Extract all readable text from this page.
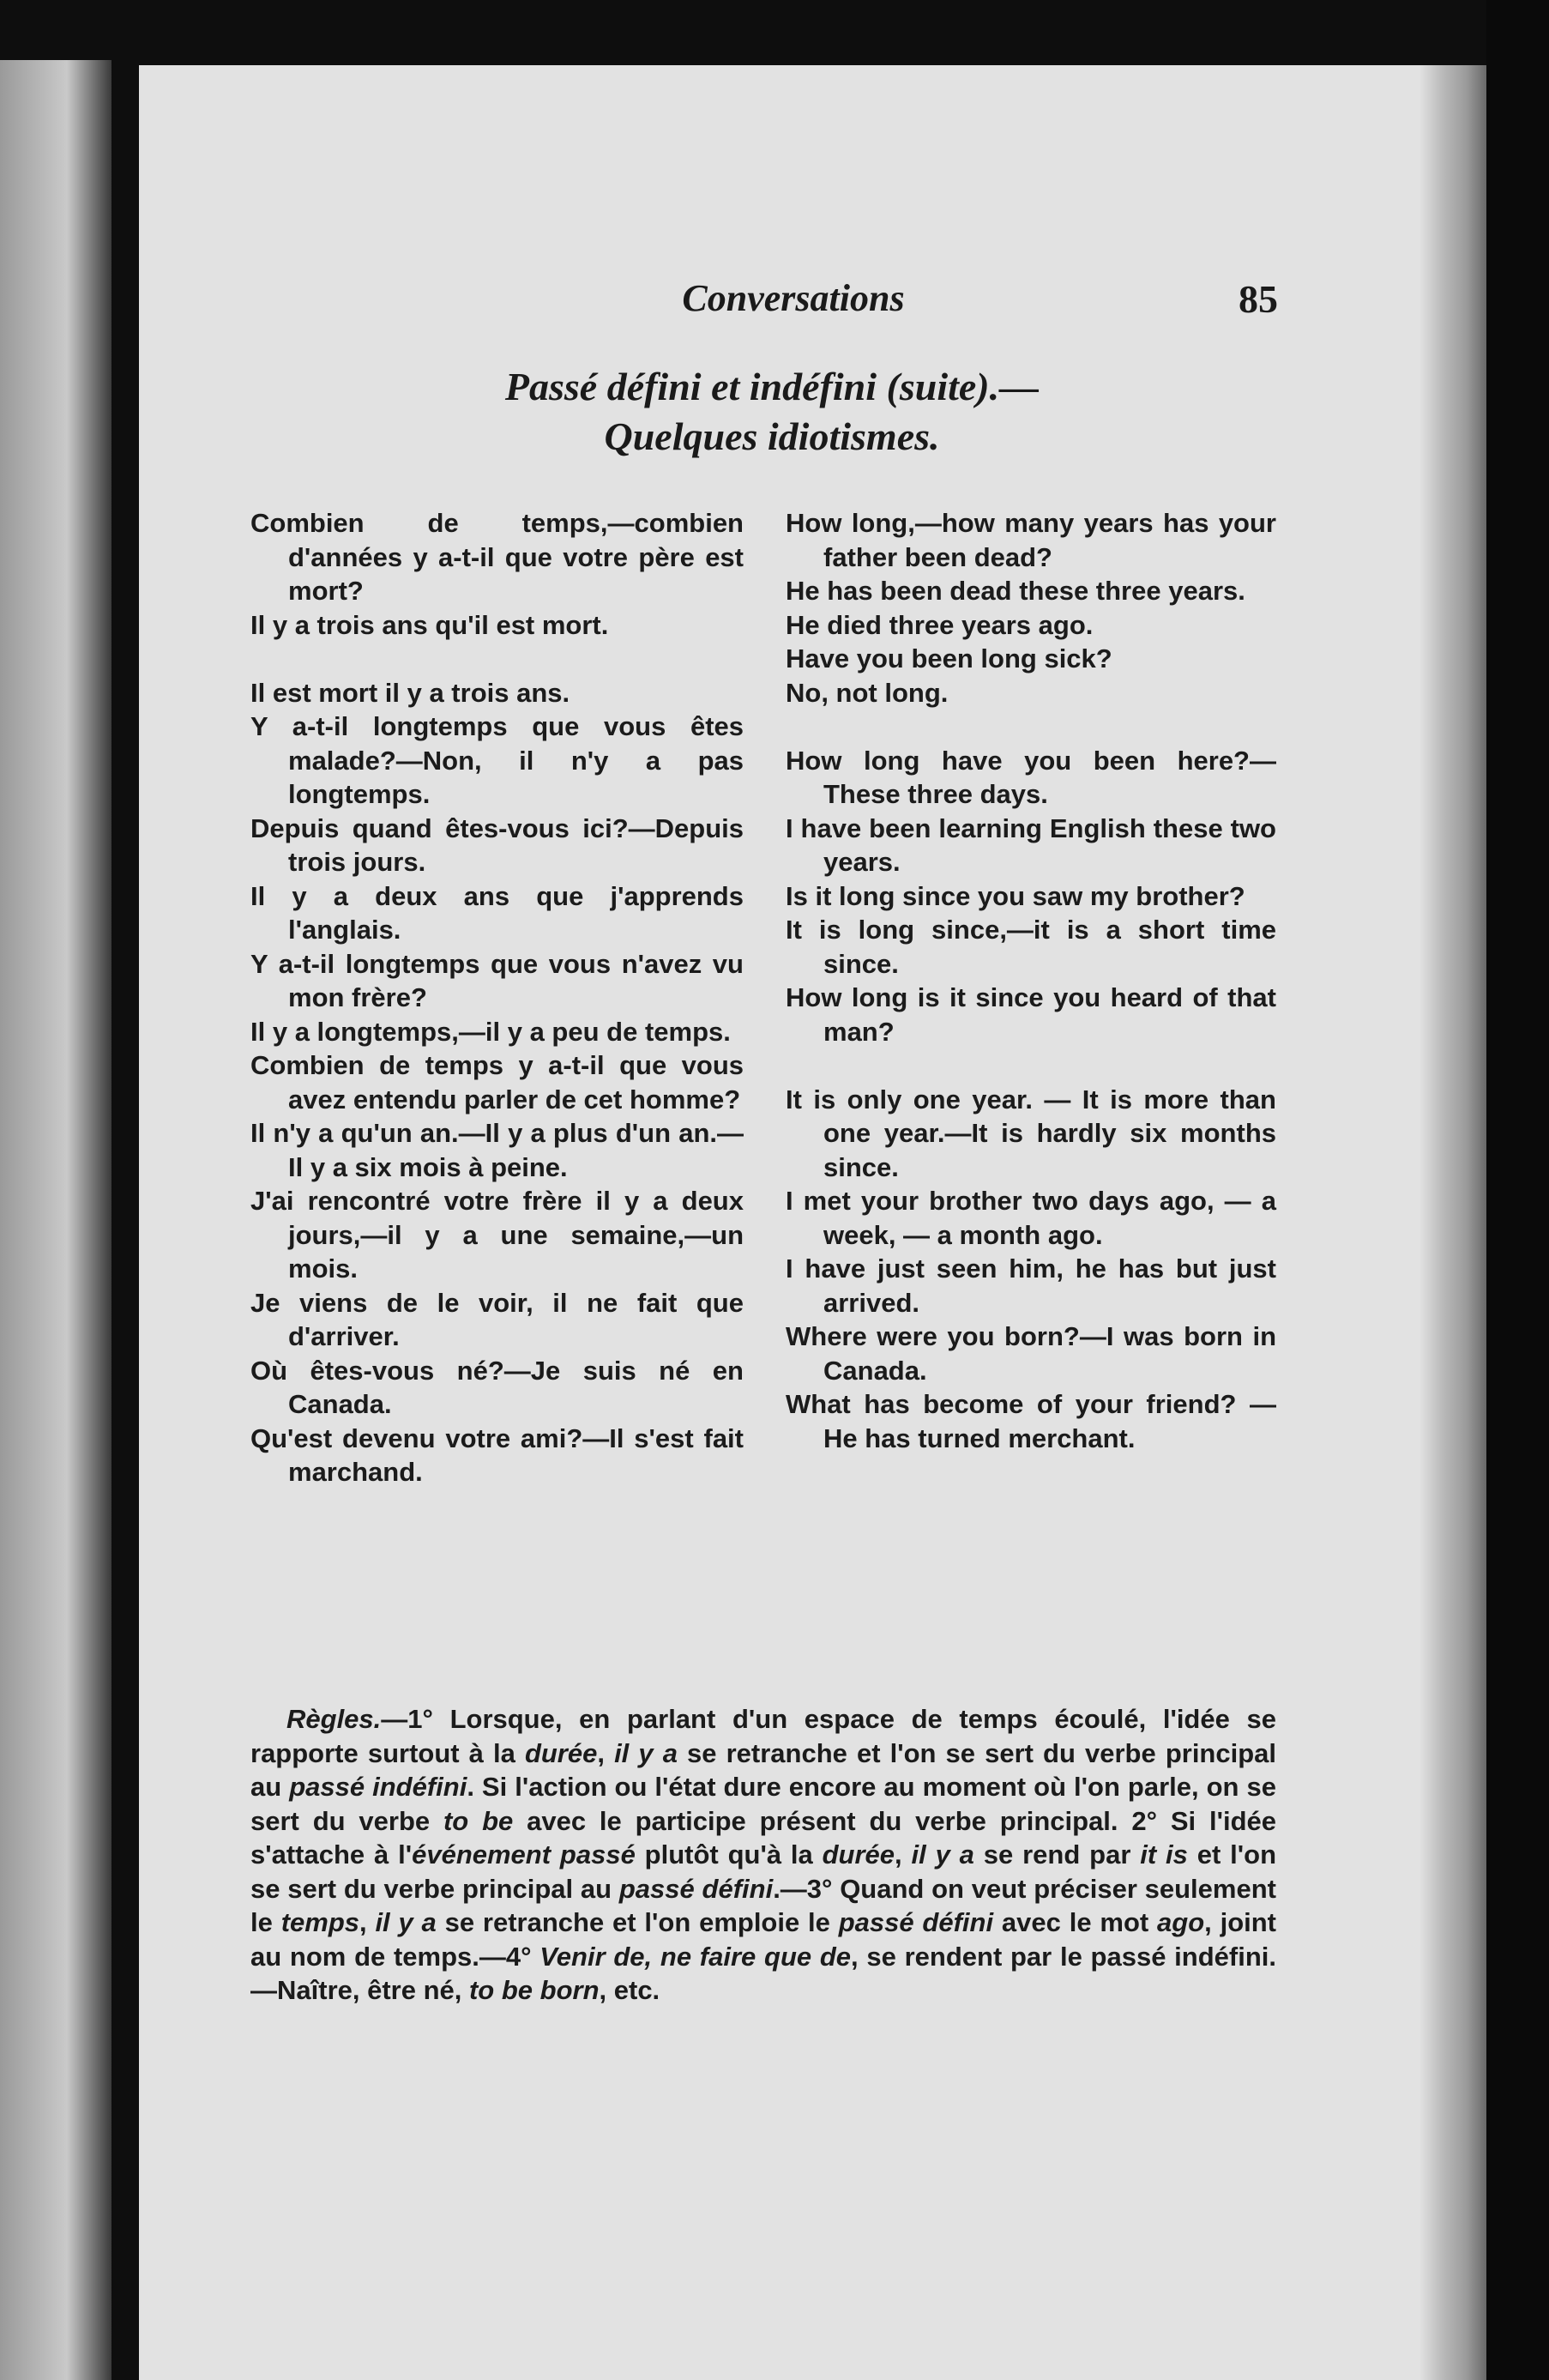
Conversations	85
Passé défini et indéfini (suite).—
Quelques idiotismes.

Combien de temps,—combien d'années y a-t-il que votre père est mort?

Il y a trois ans qu'il est mort.

Il est mort il y a trois ans.

Y a-t-il longtemps que vous êtes malade?—Non, il n'y a pas longtemps.

Depuis quand êtes-vous ici?—Depuis trois jours.

Il y a deux ans que j'apprends l'anglais.

Y a-t-il longtemps que vous n'avez vu mon frère?

Il y a longtemps,—il y a peu de temps.

Combien de temps y a-t-il que vous avez entendu parler de cet homme?

Il n'y a qu'un an.—Il y a plus d'un an.—Il y a six mois à peine.

J'ai rencontré votre frère il y a deux jours,—il y a une semaine,—un mois.

Je viens de le voir, il ne fait que d'arriver.

Où êtes-vous né?—Je suis né en Canada.

Qu'est devenu votre ami?—Il s'est fait marchand.

How long,—how many years has your father been dead?

He has been dead these three years.

He died three years ago.

Have you been long sick?

No, not long.

How long have you been here?—These three days.

I have been learning English these two years.

Is it long since you saw my brother?

It is long since,—it is a short time since.

How long is it since you heard of that man?

It is only one year. — It is more than one year.—It is hardly six months since.

I met your brother two days ago, — a week, — a month ago.

I have just seen him, he has but just arrived.

Where were you born?—I was born in Canada.

What has become of your friend? — He has turned merchant.

Règles.—1° Lorsque, en parlant d'un espace de temps écoulé, l'idée se rapporte surtout à la durée, il y a se retranche et l'on se sert du verbe principal au passé indéfini. Si l'action ou l'état dure encore au moment où l'on parle, on se sert du verbe to be avec le participe présent du verbe principal. 2° Si l'idée s'attache à l'événement passé plutôt qu'à la durée, il y a se rend par it is et l'on se sert du verbe principal au passé défini.—3° Quand on veut préciser seulement le temps, il y a se retranche et l'on emploie le passé défini avec le mot ago, joint au nom de temps.—4° Venir de, ne faire que de, se rendent par le passé indéfini.—Naître, être né, to be born, etc.
